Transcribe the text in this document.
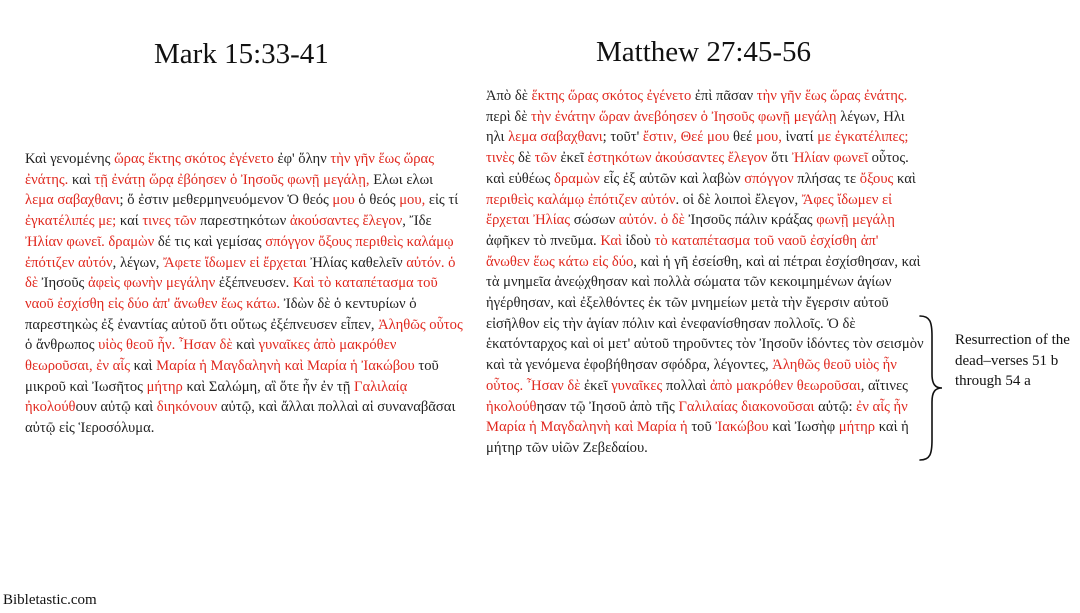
Mark 15:33-41	Matthew 27:45-56

Καὶ γενομένης ὥρας ἕκτης σκότος ἐγένετο ἐφ' ὅλην τὴν γῆν ἕως ὥρας ἐνάτης. καὶ τῇ ἐνάτῃ ὥρᾳ ἐβόησεν ὁ Ἰησοῦς φωνῇ μεγάλῃ, Ελωι ελωι λεμα σαβαχθανι; ὅ ἐστιν μεθερμηνευόμενον Ὁ θεός μου ὁ θεός μου, εἰς τί ἐγκατέλιπές με; καί τινες τῶν παρεστηκότων ἀκούσαντες ἔλεγον, Ἴδε Ἠλίαν φωνεῖ. δραμὼν δέ τις καὶ γεμίσας σπόγγον ὄξους περιθεὶς καλάμῳ ἐπότιζεν αὐτόν, λέγων, Ἄφετε ἴδωμεν εἰ ἔρχεται Ἠλίας καθελεῖν αὐτόν. ὁ δὲ Ἰησοῦς ἀφεὶς φωνὴν μεγάλην ἐξέπνευσεν. Καὶ τὸ καταπέτασμα τοῦ ναοῦ ἐσχίσθη εἰς δύο ἀπ' ἄνωθεν ἕως κάτω. Ἰδὼν δὲ ὁ κεντυρίων ὁ παρεστηκὼς ἐξ ἐναντίας αὐτοῦ ὅτι οὕτως ἐξέπνευσεν εἶπεν, Ἀληθῶς οὗτος ὁ ἄνθρωπος υἱὸς θεοῦ ἦν. Ἦσαν δὲ καὶ γυναῖκες ἀπὸ μακρόθεν θεωροῦσαι, ἐν αἷς καὶ Μαρία ἡ Μαγδαληνὴ καὶ Μαρία ἡ Ἰακώβου τοῦ μικροῦ καὶ Ἰωσῆτος μήτηρ καὶ Σαλώμη, αἳ ὅτε ἦν ἐν τῇ Γαλιλαίᾳ ἠκολούθουν αὐτῷ καὶ διηκόνουν αὐτῷ, καὶ ἄλλαι πολλαὶ αἱ συναναβᾶσαι αὐτῷ εἰς Ἱεροσόλυμα.

Ἀπὸ δὲ ἕκτης ὥρας σκότος ἐγένετο ἐπὶ πᾶσαν τὴν γῆν ἕως ὥρας ἐνάτης. περὶ δὲ τὴν ἐνάτην ὥραν ἀνεβόησεν ὁ Ἰησοῦς φωνῇ μεγάλῃ λέγων, Ηλι ηλι λεμα σαβαχθανι; τοῦτ' ἔστιν, Θεέ μου θεέ μου, ἱνατί με ἐγκατέλιπες; τινὲς δὲ τῶν ἐκεῖ ἑστηκότων ἀκούσαντες ἔλεγον ὅτι Ἠλίαν φωνεῖ οὗτος. καὶ εὐθέως δραμὼν εἷς ἐξ αὐτῶν καὶ λαβὼν σπόγγον πλήσας τε ὄξους καὶ περιθεὶς καλάμῳ ἐπότιζεν αὐτόν. οἱ δὲ λοιποὶ ἔλεγον, Ἄφες ἴδωμεν εἰ ἔρχεται Ἠλίας σώσων αὐτόν. ὁ δὲ Ἰησοῦς πάλιν κράξας φωνῇ μεγάλῃ ἀφῆκεν τὸ πνεῦμα. Καὶ ἰδοὺ τὸ καταπέτασμα τοῦ ναοῦ ἐσχίσθη ἀπ' ἄνωθεν ἕως κάτω εἰς δύο, καὶ ἡ γῆ ἐσείσθη, καὶ αἱ πέτραι ἐσχίσθησαν, καὶ τὰ μνημεῖα ἀνεῴχθησαν καὶ πολλὰ σώματα τῶν κεκοιμημένων ἁγίων ἠγέρθησαν, καὶ ἐξελθόντες ἐκ τῶν μνημείων μετὰ τὴν ἔγερσιν αὐτοῦ εἰσῆλθον εἰς τὴν ἁγίαν πόλιν καὶ ἐνεφανίσθησαν πολλοῖς. Ὁ δὲ ἑκατόνταρχος καὶ οἱ μετ' αὐτοῦ τηροῦντες τὸν Ἰησοῦν ἰδόντες τὸν σεισμὸν καὶ τὰ γενόμενα ἐφοβήθησαν σφόδρα, λέγοντες, Ἀληθῶς θεοῦ υἱὸς ἦν οὗτος. Ἦσαν δὲ ἐκεῖ γυναῖκες πολλαὶ ἀπὸ μακρόθεν θεωροῦσαι, αἵτινες ἠκολούθησαν τῷ Ἰησοῦ ἀπὸ τῆς Γαλιλαίας διακονοῦσαι αὐτῷ: ἐν αἷς ἦν Μαρία ἡ Μαγδαληνὴ καὶ Μαρία ἡ τοῦ Ἰακώβου καὶ Ἰωσὴφ μήτηρ καὶ ἡ μήτηρ τῶν υἱῶν Ζεβεδαίου.

Resurrection of the dead–verses 51 b through 54 a
Bibletastic.com
